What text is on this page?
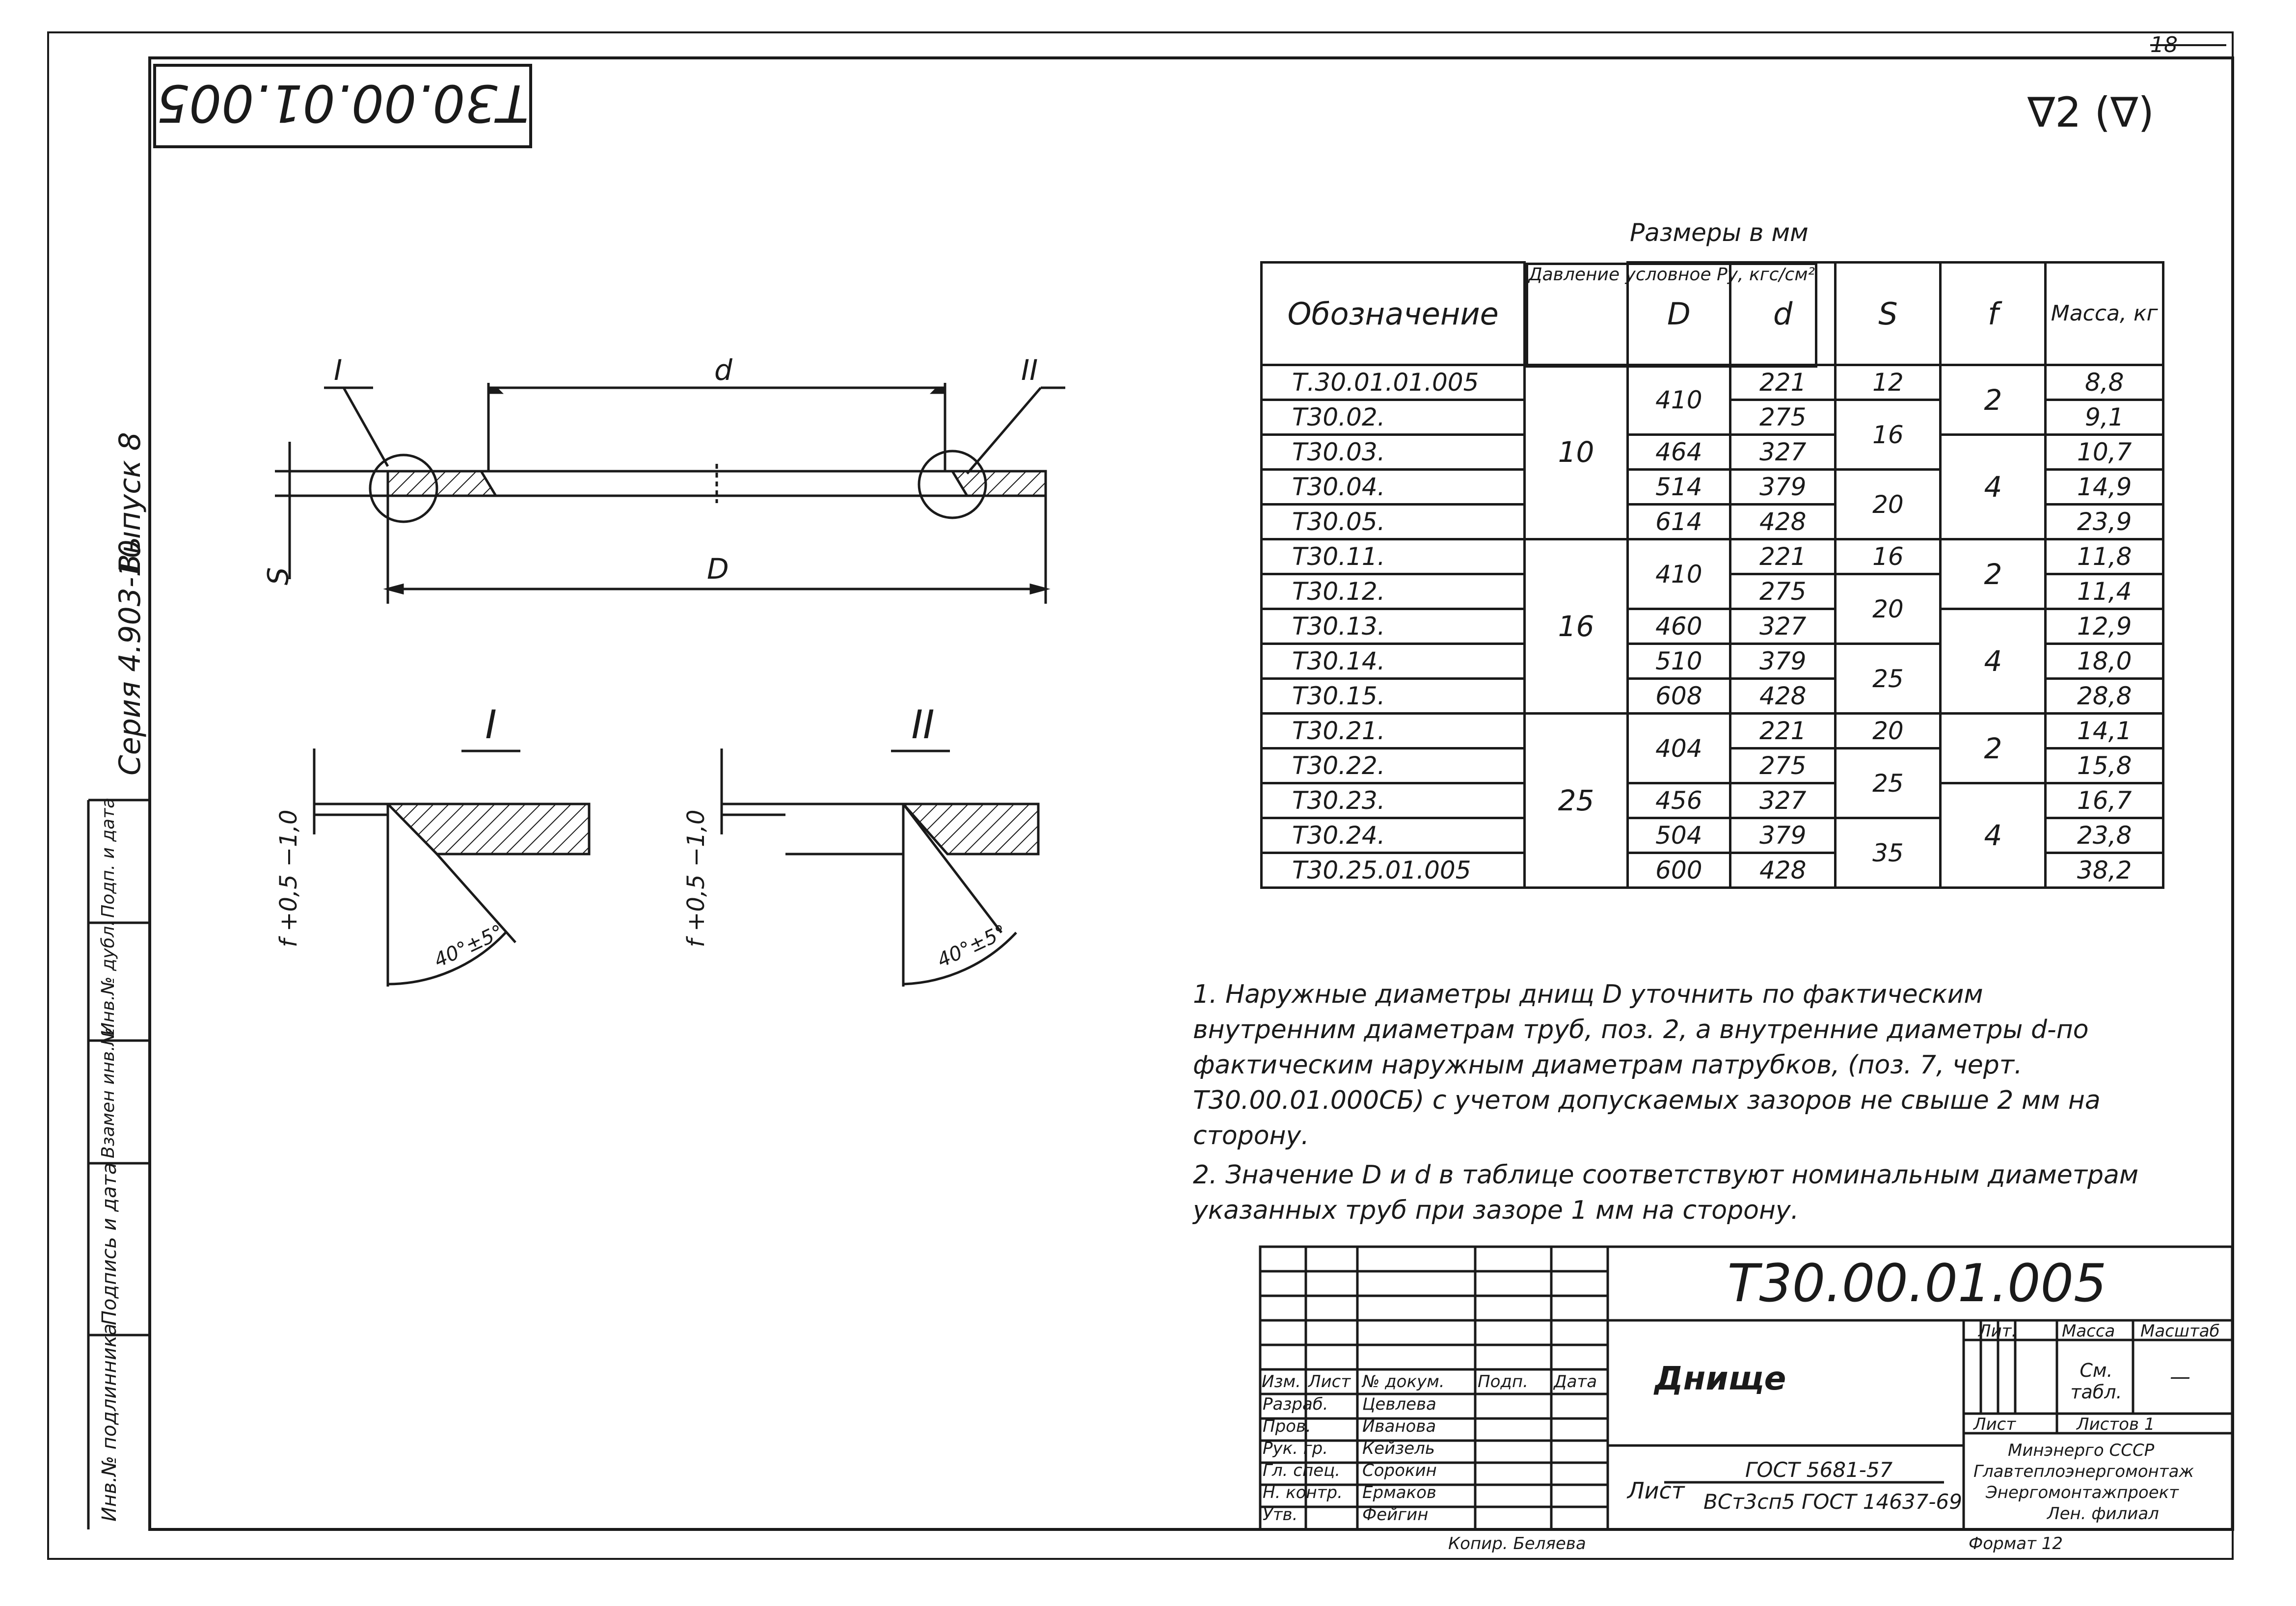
18
Т30.00.01.005	∇2 (∇)
Серия 4.903-10
Выпуск 8
Инв.№ подлинника
Подпись и дата
Взамен инв.№
Инв.№ дубл.
Подп. и дата
d
D
S
I	II
I	II
f +0,5 −1,0	f +0,5 −1,0
40°±5°	40°±5°
Размеры в мм
Обозначение	
Давление условное Ру, кгс/см²
D	d	S	f	Масса, кг
Т.30.01.01.005	10	410	221	12	2	8,8
Т30.02.			275	16		9,1
Т30.03.		464	327		4	10,7
Т30.04.		514	379	20		14,9
Т30.05.		614	428			23,9
Т30.11.	16	410	221	16	2	11,8
Т30.12.			275	20		11,4
Т30.13.		460	327		4	12,9
Т30.14.		510	379	25		18,0
Т30.15.		608	428			28,8
Т30.21.	25	404	221	20	2	14,1
Т30.22.			275	25		15,8
Т30.23.		456	327		4	16,7
Т30.24.		504	379	35		23,8
Т30.25.01.005		600	428			38,2

1. Наружные диаметры днищ D уточнить по фактическим внутренним диаметрам труб, поз. 2, а внутренние диаметры d-по фактическим наружным диаметрам патрубков, (поз. 7, черт. Т30.00.01.000СБ) с учетом допускаемых зазоров не свыше 2 мм на сторону.

2. Значение D и d в таблице соответствуют номинальным диаметрам указанных труб при зазоре 1 мм на сторону.

Т30.00.01.005
Днище
Лист
ГОСТ 5681-57
ВСт3сп5 ГОСТ 14637-69
Лит.	Масса Масштаб
См. табл.
—
Лист	Листов 1
Минэнерго СССР
Главтеплоэнергомонтаж
Энергомонтажпроект
Лен. филиал
Изм. Лист № докум. Подп. Дата
Разраб. Цевлева
Пров.	Иванова
Рук. гр. Кейзель
Гл. спец. Сорокин
Н. контр. Ермаков
Утв.	Фейгин
Копир. Беляева	Формат 12
